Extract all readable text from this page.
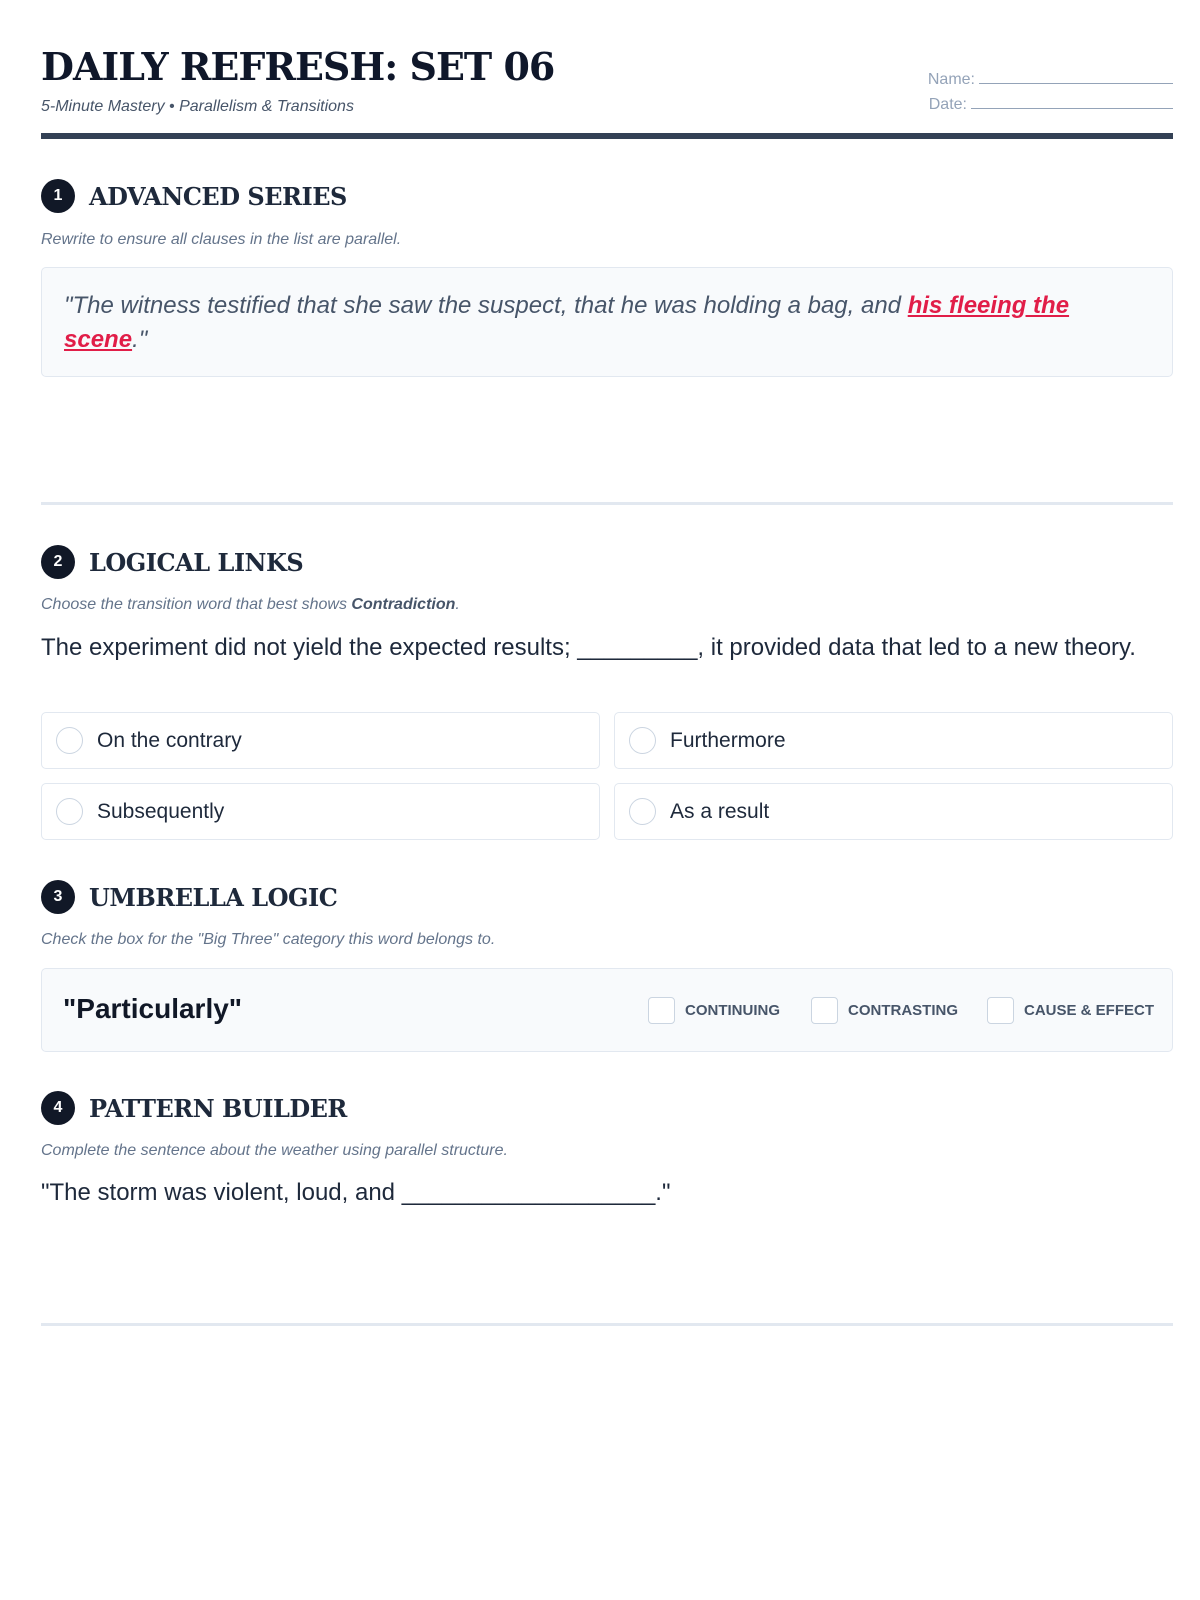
DAILY REFRESH: SET 06
5-Minute Mastery • Parallelism & Transitions
Name:
Date:
1	ADVANCED SERIES
Rewrite to ensure all clauses in the list are parallel.
"The witness testified that she saw the suspect, that he was holding a bag, and his fleeing the scene."
2	LOGICAL LINKS
Choose the transition word that best shows Contradiction.
The experiment did not yield the expected results; _________, it provided data that led to a new theory.
On the contrary	Furthermore
Subsequently	As a result
3	UMBRELLA LOGIC
Check the box for the "Big Three" category this word belongs to.
"Particularly"	CONTINUING	CONTRASTING	CAUSE & EFFECT
4	PATTERN BUILDER
Complete the sentence about the weather using parallel structure.
"The storm was violent, loud, and ___________________."
